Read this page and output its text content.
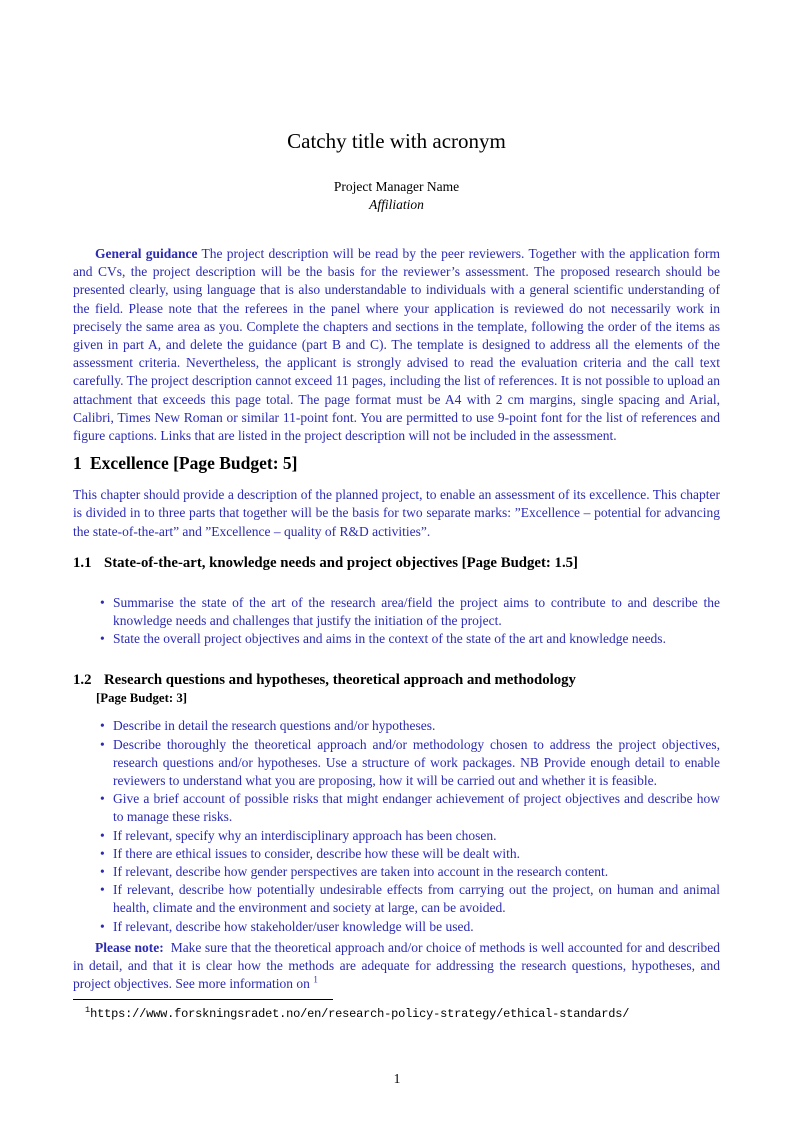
Catchy title with acronym
Project Manager Name
Affiliation

General guidance The project description will be read by the peer reviewers. Together with the application form and CVs, the project description will be the basis for the reviewer’s assessment. The proposed research should be presented clearly, using language that is also understandable to individuals with a general scientific understanding of the field. Please note that the referees in the panel where your application is reviewed do not necessarily work in precisely the same area as you. Complete the chapters and sections in the template, following the order of the items as given in part A, and delete the guidance (part B and C). The template is designed to address all the elements of the assessment criteria. Nevertheless, the applicant is strongly advised to read the evaluation criteria and the call text carefully. The project description cannot exceed 11 pages, including the list of references. It is not possible to upload an attachment that exceeds this page total. The page format must be A4 with 2 cm margins, single spacing and Arial, Calibri, Times New Roman or similar 11-point font. You are permitted to use 9-point font for the list of references and figure captions. Links that are listed in the project description will not be included in the assessment.

1 Excellence [Page Budget: 5]

This chapter should provide a description of the planned project, to enable an assessment of its excellence. This chapter is divided in to three parts that together will be the basis for two separate marks: ”Excellence – potential for advancing the state-of-the-art” and ”Excellence – quality of R&D activities”.

1.1 State-of-the-art, knowledge needs and project objectives [Page Budget: 1.5]
• Summarise the state of the art of the research area/field the project aims to contribute to and describe the knowledge needs and challenges that justify the initiation of the project.
• State the overall project objectives and aims in the context of the state of the art and knowledge needs.
1.2 Research questions and hypotheses, theoretical approach and methodology
[Page Budget: 3]
• Describe in detail the research questions and/or hypotheses.
• Describe thoroughly the theoretical approach and/or methodology chosen to address the project objectives, research questions and/or hypotheses. Use a structure of work packages. NB Provide enough detail to enable reviewers to understand what you are proposing, how it will be carried out and whether it is feasible.
• Give a brief account of possible risks that might endanger achievement of project objectives and describe how to manage these risks.
• If relevant, specify why an interdisciplinary approach has been chosen.
• If there are ethical issues to consider, describe how these will be dealt with.
• If relevant, describe how gender perspectives are taken into account in the research content.
• If relevant, describe how potentially undesirable effects from carrying out the project, on human and animal health, climate and the environment and society at large, can be avoided.
• If relevant, describe how stakeholder/user knowledge will be used.

Please note: Make sure that the theoretical approach and/or choice of methods is well accounted for and described in detail, and that it is clear how the methods are adequate for addressing the research questions, hypotheses, and project objectives. See more information on $^1$

$^1$https://www.forskningsradet.no/en/research-policy-strategy/ethical-standards/
1
